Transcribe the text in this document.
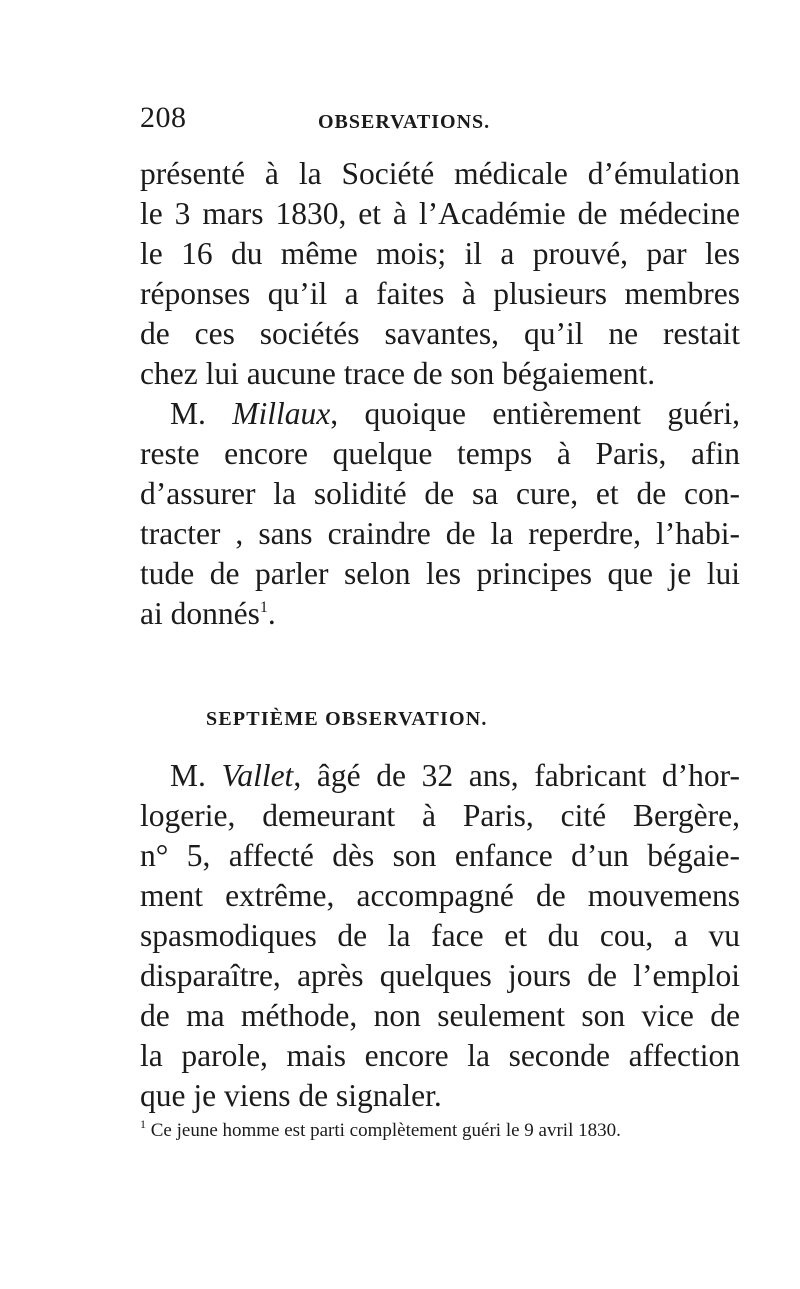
208	OBSERVATIONS.
présenté à la Société médicale d’émulation
le 3 mars 1830, et à l’Académie de médecine
le 16 du même mois; il a prouvé, par les
réponses qu’il a faites à plusieurs membres
de ces sociétés savantes, qu’il ne restait
chez lui aucune trace de son bégaiement.
M. Millaux, quoique entièrement guéri,
reste encore quelque temps à Paris, afin
d’assurer la solidité de sa cure, et de con-
tracter , sans craindre de la reperdre, l’habi-
tude de parler selon les principes que je lui
ai donnés$^1$.
SEPTIÈME OBSERVATION.
M. Vallet, âgé de 32 ans, fabricant d’hor-
logerie, demeurant à Paris, cité Bergère,
n° 5, affecté dès son enfance d’un bégaie-
ment extrême, accompagné de mouvemens
spasmodiques de la face et du cou, a vu
disparaître, après quelques jours de l’emploi
de ma méthode, non seulement son vice de
la parole, mais encore la seconde affection
que je viens de signaler.
$^1$ Ce jeune homme est parti complètement guéri le 9 avril 1830.
